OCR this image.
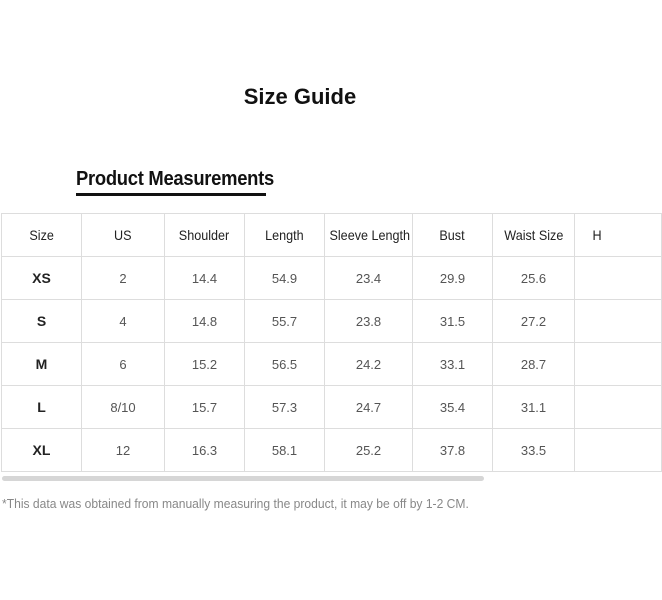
Size Guide
Product Measurements
Size	US	Shoulder	Length	Sleeve Length	Bust	Waist Size	H
XS	2	14.4	54.9	23.4	29.9	25.6	
S	4	14.8	55.7	23.8	31.5	27.2	
M	6	15.2	56.5	24.2	33.1	28.7	
L	8/10	15.7	57.3	24.7	35.4	31.1	
XL	12	16.3	58.1	25.2	37.8	33.5	
*This data was obtained from manually measuring the product, it may be off by 1-2 CM.
